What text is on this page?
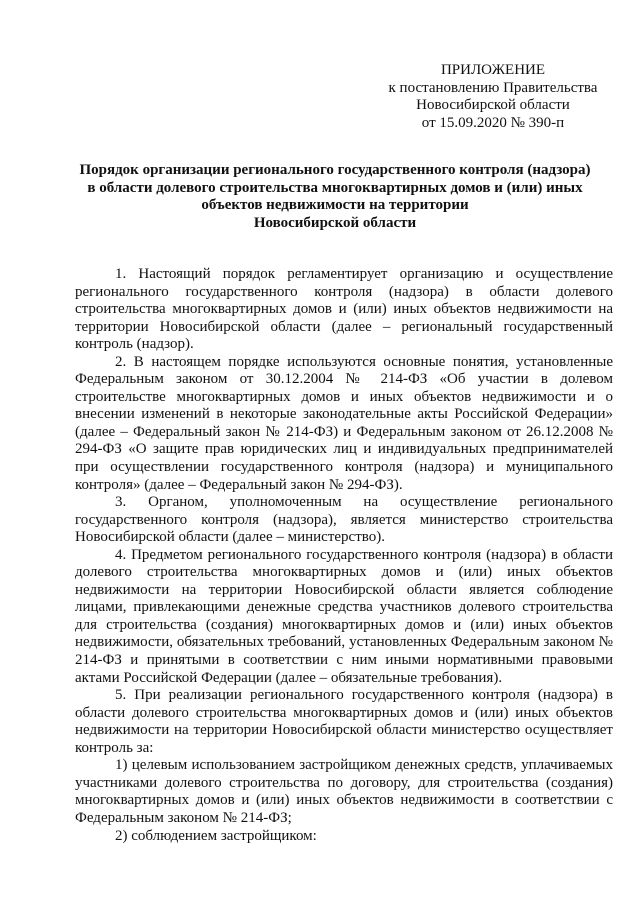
ПРИЛОЖЕНИЕ
к постановлению Правительства
Новосибирской области
от 15.09.2020 № 390-п
Порядок организации регионального государственного контроля (надзора)
в области долевого строительства многоквартирных домов и (или) иных
объектов недвижимости на территории
Новосибирской области

1. Настоящий порядок регламентирует организацию и осуществление регионального государственного контроля (надзора) в области долевого строительства многоквартирных домов и (или) иных объектов недвижимости на территории Новосибирской области (далее – региональный государственный контроль (надзор).

2. В настоящем порядке используются основные понятия, установленные Федеральным законом от 30.12.2004 № 214-ФЗ «Об участии в долевом строительстве многоквартирных домов и иных объектов недвижимости и о внесении изменений в некоторые законодательные акты Российской Федерации» (далее – Федеральный закон № 214-ФЗ) и Федеральным законом от 26.12.2008 № 294-ФЗ «О защите прав юридических лиц и индивидуальных предпринимателей при осуществлении государственного контроля (надзора) и муниципального контроля» (далее – Федеральный закон № 294-ФЗ).

3. Органом, уполномоченным на осуществление регионального государственного контроля (надзора), является министерство строительства Новосибирской области (далее – министерство).

4. Предметом регионального государственного контроля (надзора) в области долевого строительства многоквартирных домов и (или) иных объектов недвижимости на территории Новосибирской области является соблюдение лицами, привлекающими денежные средства участников долевого строительства для строительства (создания) многоквартирных домов и (или) иных объектов недвижимости, обязательных требований, установленных Федеральным законом № 214-ФЗ и принятыми в соответствии с ним иными нормативными правовыми актами Российской Федерации (далее – обязательные требования).

5. При реализации регионального государственного контроля (надзора) в области долевого строительства многоквартирных домов и (или) иных объектов недвижимости на территории Новосибирской области министерство осуществляет контроль за:

1) целевым использованием застройщиком денежных средств, уплачиваемых участниками долевого строительства по договору, для строительства (создания) многоквартирных домов и (или) иных объектов недвижимости в соответствии с Федеральным законом № 214-ФЗ;

2) соблюдением застройщиком:
